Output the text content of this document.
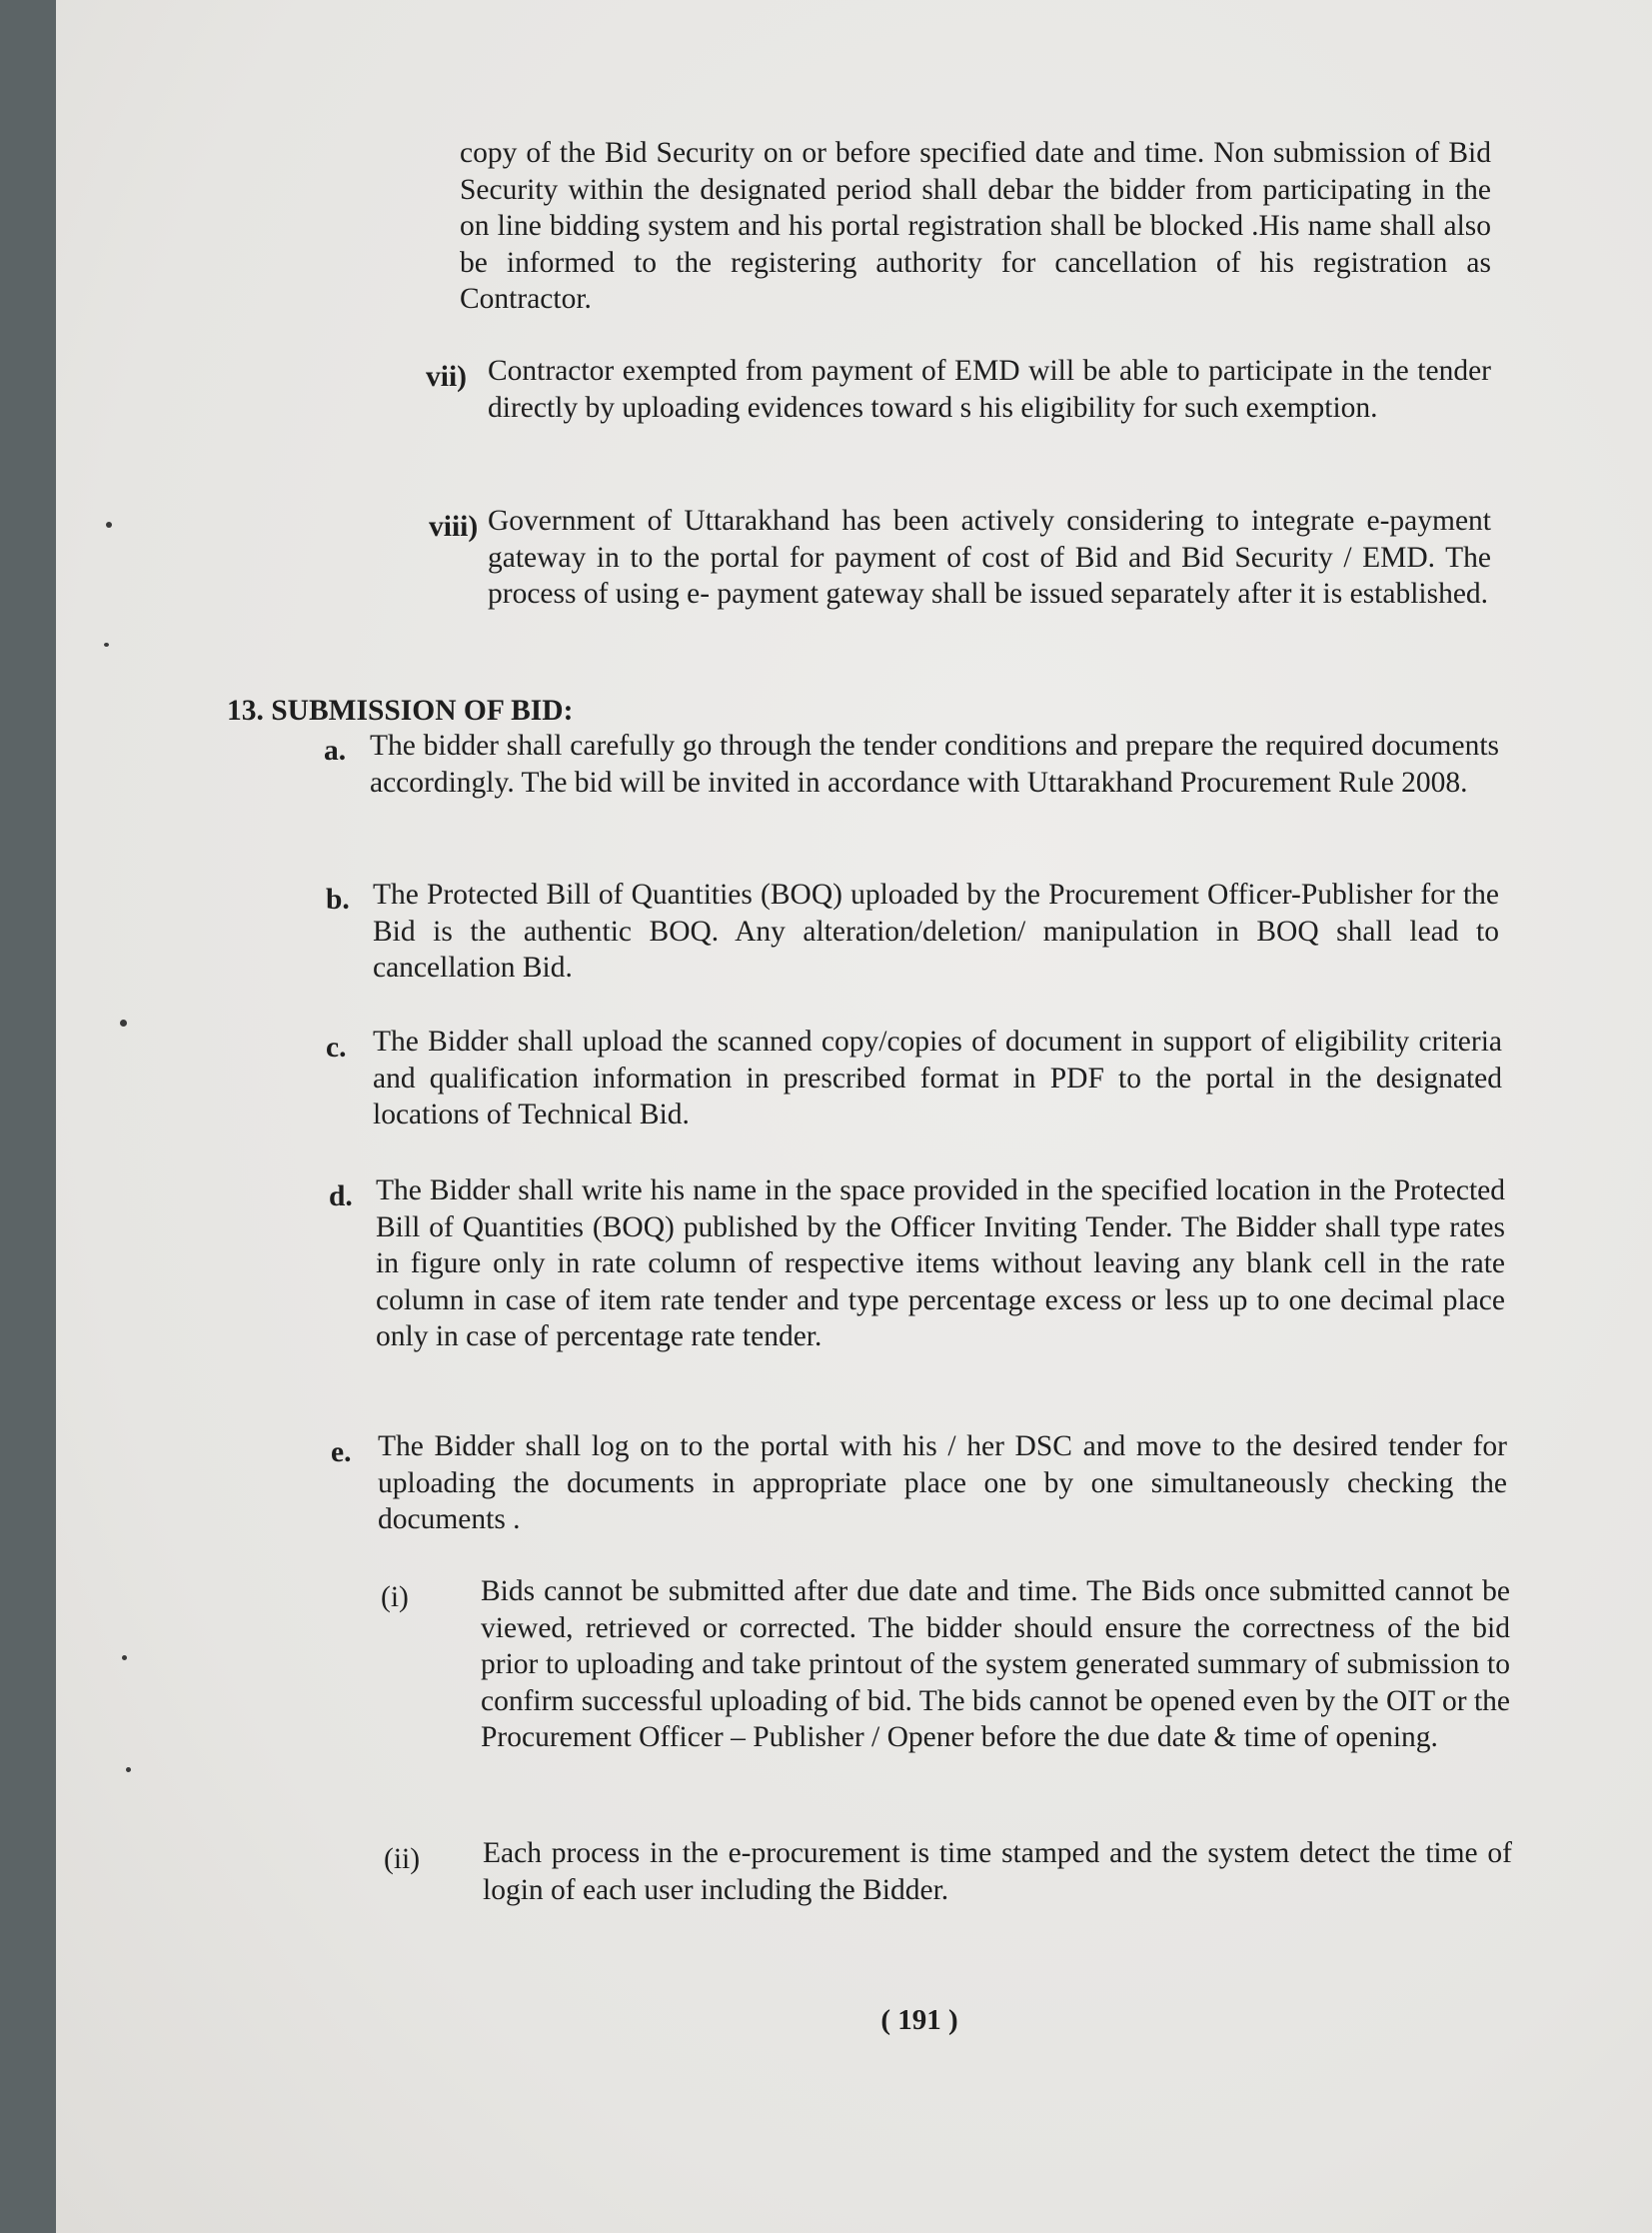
copy of the Bid Security on or before specified date and time. Non submission of Bid Security within the designated period shall debar the bidder from participating in the on line bidding system and his portal registration shall be blocked .His name shall also be informed to the registering authority for cancellation of his registration as Contractor.

vii) Contractor exempted from payment of EMD will be able to participate in the tender directly by uploading evidences toward s his eligibility for such exemption.

viii) Government of Uttarakhand has been actively considering to integrate e-payment gateway in to the portal for payment of cost of Bid and Bid Security / EMD. The process of using e- payment gateway shall be issued separately after it is established.

13. SUBMISSION OF BID:

a. The bidder shall carefully go through the tender conditions and prepare the required documents accordingly. The bid will be invited in accordance with Uttarakhand Procurement Rule 2008.

b. The Protected Bill of Quantities (BOQ) uploaded by the Procurement Officer-Publisher for the Bid is the authentic BOQ. Any alteration/deletion/ manipulation in BOQ shall lead to cancellation Bid.

c. The Bidder shall upload the scanned copy/copies of document in support of eligibility criteria and qualification information in prescribed format in PDF to the portal in the designated locations of Technical Bid.

d. The Bidder shall write his name in the space provided in the specified location in the Protected Bill of Quantities (BOQ) published by the Officer Inviting Tender. The Bidder shall type rates in figure only in rate column of respective items without leaving any blank cell in the rate column in case of item rate tender and type percentage excess or less up to one decimal place only in case of percentage rate tender.

e. The Bidder shall log on to the portal with his / her DSC and move to the desired tender for uploading the documents in appropriate place one by one simultaneously checking the documents .

(i) Bids cannot be submitted after due date and time. The Bids once submitted cannot be viewed, retrieved or corrected. The bidder should ensure the correctness of the bid prior to uploading and take printout of the system generated summary of submission to confirm successful uploading of bid. The bids cannot be opened even by the OIT or the Procurement Officer – Publisher / Opener before the due date & time of opening.

(ii) Each process in the e-procurement is time stamped and the system detect the time of login of each user including the Bidder.

( 191 )
